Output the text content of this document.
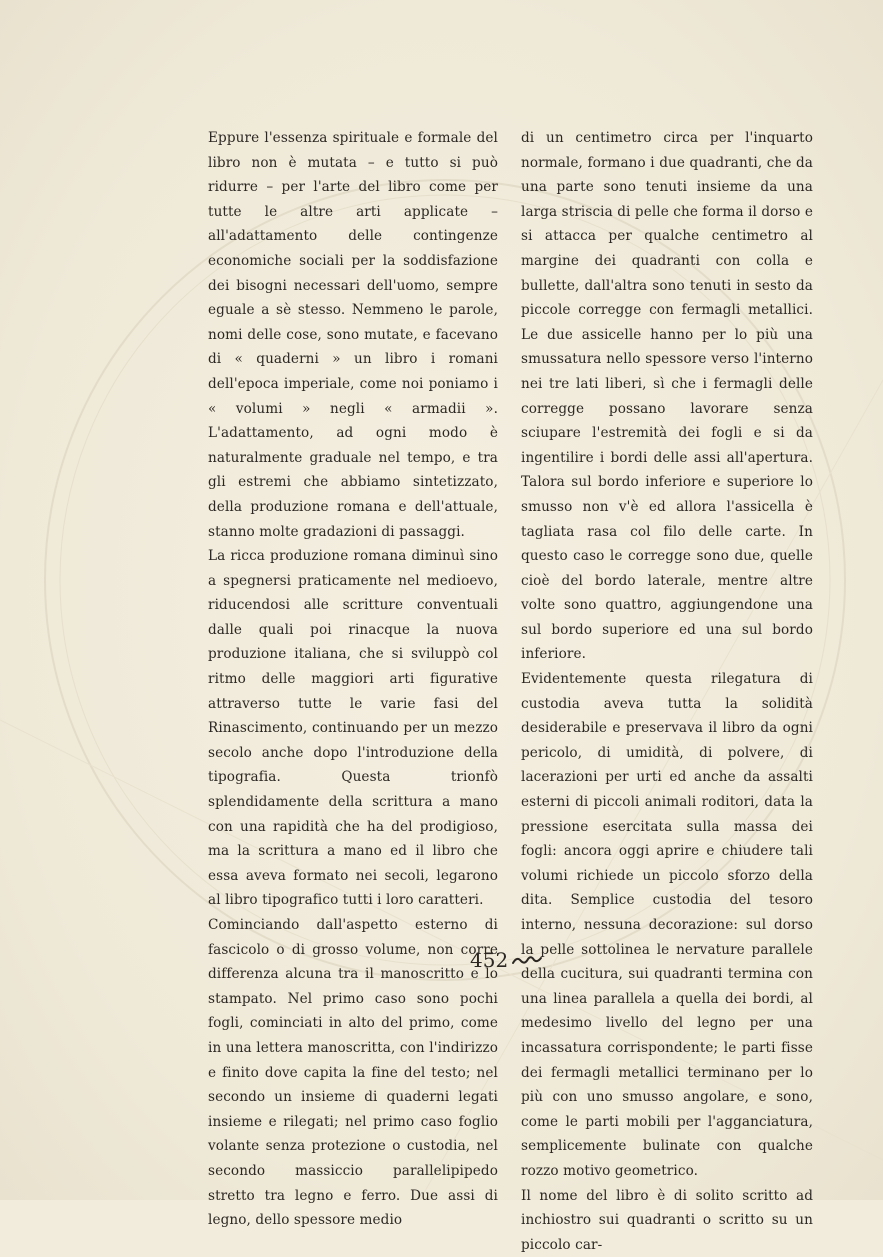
Eppure l'essenza spirituale e formale del libro non è mutata – e tutto si può ridurre – per l'arte del libro come per tutte le altre arti applicate – all'adattamento delle contingenze economiche sociali per la soddisfazione dei bisogni necessari dell'uomo, sempre eguale a sè stesso. Nemmeno le parole, nomi delle cose, sono mutate, e facevano di « quaderni » un libro i romani dell'epoca imperiale, come noi poniamo i « volumi » negli « armadii ». L'adattamento, ad ogni modo è naturalmente graduale nel tempo, e tra gli estremi che abbiamo sintetizzato, della produzione romana e dell'attuale, stanno molte gradazioni di passaggi.

La ricca produzione romana diminuì sino a spegnersi praticamente nel medioevo, riducendosi alle scritture conventuali dalle quali poi rinacque la nuova produzione italiana, che si sviluppò col ritmo delle maggiori arti figurative attraverso tutte le varie fasi del Rinascimento, continuando per un mezzo secolo anche dopo l'introduzione della tipografia. Questa trionfò splendidamente della scrittura a mano con una rapidità che ha del prodigioso, ma la scrittura a mano ed il libro che essa aveva formato nei secoli, legarono al libro tipografico tutti i loro caratteri.

Cominciando dall'aspetto esterno di fascicolo o di grosso volume, non corre differenza alcuna tra il manoscritto e lo stampato. Nel primo caso sono pochi fogli, cominciati in alto del primo, come in una lettera manoscritta, con l'indirizzo e finito dove capita la fine del testo; nel secondo un insieme di quaderni legati insieme e rilegati; nel primo caso foglio volante senza protezione o custodia, nel secondo massiccio parallelipipedo stretto tra legno e ferro. Due assi di legno, dello spessore medio

di un centimetro circa per l'inquarto normale, formano i due quadranti, che da una parte sono tenuti insieme da una larga striscia di pelle che forma il dorso e si attacca per qualche centimetro al margine dei quadranti con colla e bullette, dall'altra sono tenuti in sesto da piccole corregge con fermagli metallici. Le due assicelle hanno per lo più una smussatura nello spessore verso l'interno nei tre lati liberi, sì che i fermagli delle corregge possano lavorare senza sciupare l'estremità dei fogli e si da ingentilire i bordi delle assi all'apertura. Talora sul bordo inferiore e superiore lo smusso non v'è ed allora l'assicella è tagliata rasa col filo delle carte. In questo caso le corregge sono due, quelle cioè del bordo laterale, mentre altre volte sono quattro, aggiungendone una sul bordo superiore ed una sul bordo inferiore.

Evidentemente questa rilegatura di custodia aveva tutta la solidità desiderabile e preservava il libro da ogni pericolo, di umidità, di polvere, di lacerazioni per urti ed anche da assalti esterni di piccoli animali roditori, data la pressione esercitata sulla massa dei fogli: ancora oggi aprire e chiudere tali volumi richiede un piccolo sforzo della dita. Semplice custodia del tesoro interno, nessuna decorazione: sul dorso la pelle sottolinea le nervature parallele della cucitura, sui quadranti termina con una linea parallela a quella dei bordi, al medesimo livello del legno per una incassatura corrispondente; le parti fisse dei fermagli metallici terminano per lo più con uno smusso angolare, e sono, come le parti mobili per l'agganciatura, semplicemente bulinate con qualche rozzo motivo geometrico.

Il nome del libro è di solito scritto ad inchiostro sui quadranti o scritto su un piccolo car-

452
